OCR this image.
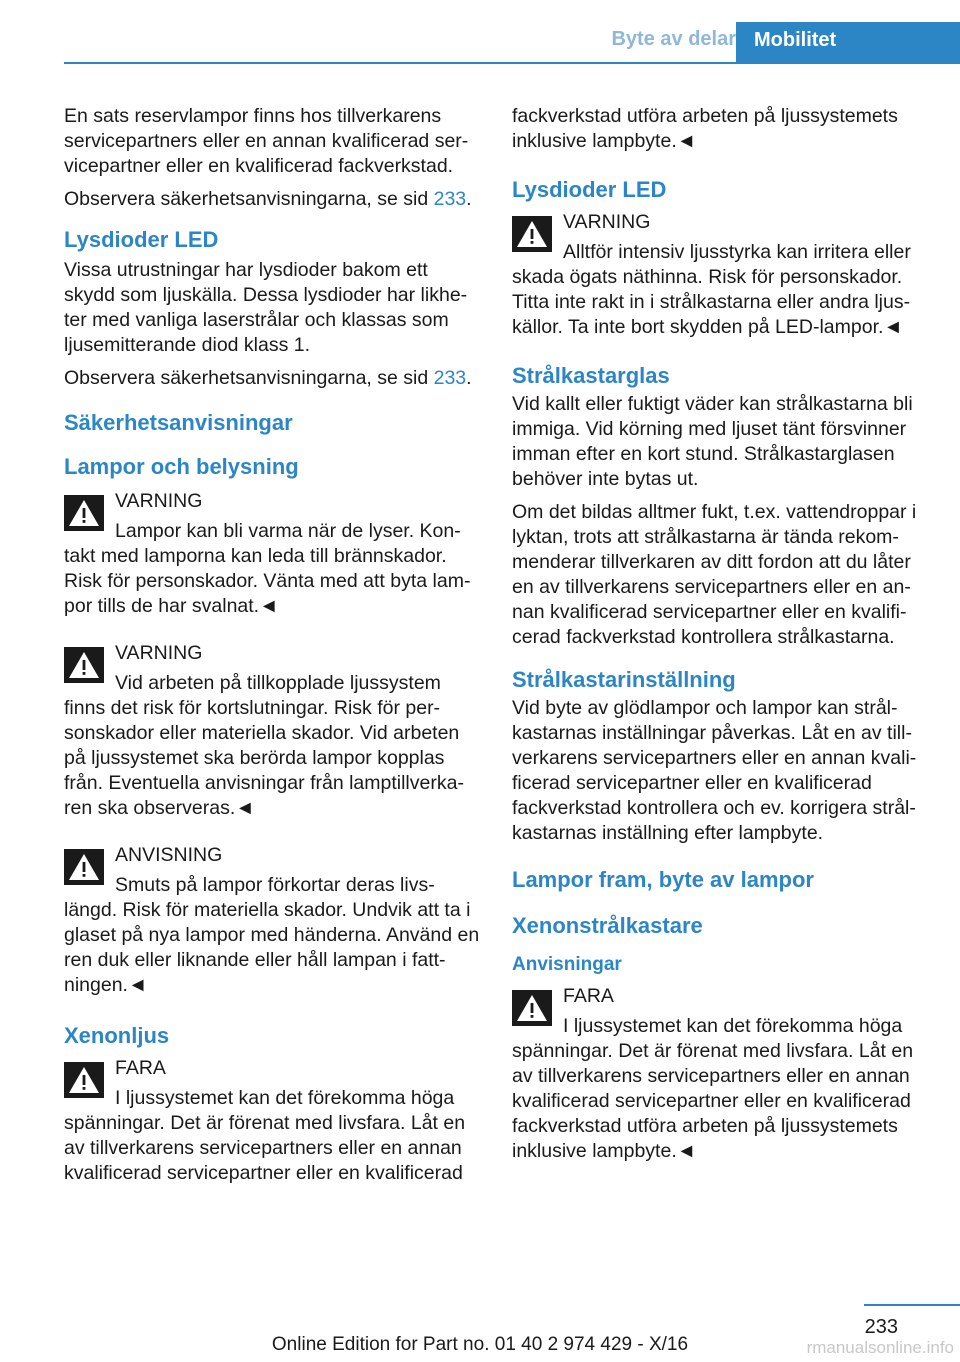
Byte av delar Mobilitet

En sats reservlampor finns hos tillverkarens servicepartners eller en annan kvalificerad ser‐vicepartner eller en kvalificerad fackverkstad.

Observera säkerhetsanvisningarna, se sid 233.

Lysdioder LED

Vissa utrustningar har lysdioder bakom ett skydd som ljuskälla. Dessa lysdioder har likhe‐ter med vanliga laserstrålar och klassas som ljusemitterande diod klass 1.

Observera säkerhetsanvisningarna, se sid 233.

Säkerhetsanvisningar
Lampor och belysning
VARNING
Lampor kan bli varma när de lyser. Kon‐takt med lamporna kan leda till brännskador. Risk för personskador. Vänta med att byta lam‐por tills de har svalnat.◄
VARNING
Vid arbeten på tillkopplade ljussystem finns det risk för kortslutningar. Risk för per‐sonskador eller materiella skador. Vid arbeten på ljussystemet ska berörda lampor kopplas från. Eventuella anvisningar från lamptillverka‐ren ska observeras.◄
ANVISNING
Smuts på lampor förkortar deras livs‐längd. Risk för materiella skador. Undvik att ta i glaset på nya lampor med händerna. Använd en ren duk eller liknande eller håll lampan i fatt‐ningen.◄
Xenonljus
FARA
I ljussystemet kan det förekomma höga spänningar. Det är förenat med livsfara. Låt en av tillverkarens servicepartners eller en annan kvalificerad servicepartner eller en kvalificerad

fackverkstad utföra arbeten på ljussystemets inklusive lampbyte.◄

Lysdioder LED
VARNING
Alltför intensiv ljusstyrka kan irritera eller skada ögats näthinna. Risk för personskador. Titta inte rakt in i strålkastarna eller andra ljus‐källor. Ta inte bort skydden på LED-lampor.◄
Strålkastarglas

Vid kallt eller fuktigt väder kan strålkastarna bli immiga. Vid körning med ljuset tänt försvinner imman efter en kort stund. Strålkastarglasen behöver inte bytas ut.

Om det bildas alltmer fukt, t.ex. vattendroppar i lyktan, trots att strålkastarna är tända rekom‐menderar tillverkaren av ditt fordon att du låter en av tillverkarens servicepartners eller en an‐nan kvalificerad servicepartner eller en kvalifi‐cerad fackverkstad kontrollera strålkastarna.

Strålkastarinställning

Vid byte av glödlampor och lampor kan strål‐kastarnas inställningar påverkas. Låt en av till‐verkarens servicepartners eller en annan kvali‐ficerad servicepartner eller en kvalificerad fackverkstad kontrollera och ev. korrigera strål‐kastarnas inställning efter lampbyte.

Lampor fram, byte av lampor
Xenonstrålkastare
Anvisningar
FARA
I ljussystemet kan det förekomma höga spänningar. Det är förenat med livsfara. Låt en av tillverkarens servicepartners eller en annan kvalificerad servicepartner eller en kvalificerad fackverkstad utföra arbeten på ljussystemets inklusive lampbyte.◄
233
Online Edition for Part no. 01 40 2 974 429 - X/16	rmanualsonline.info
